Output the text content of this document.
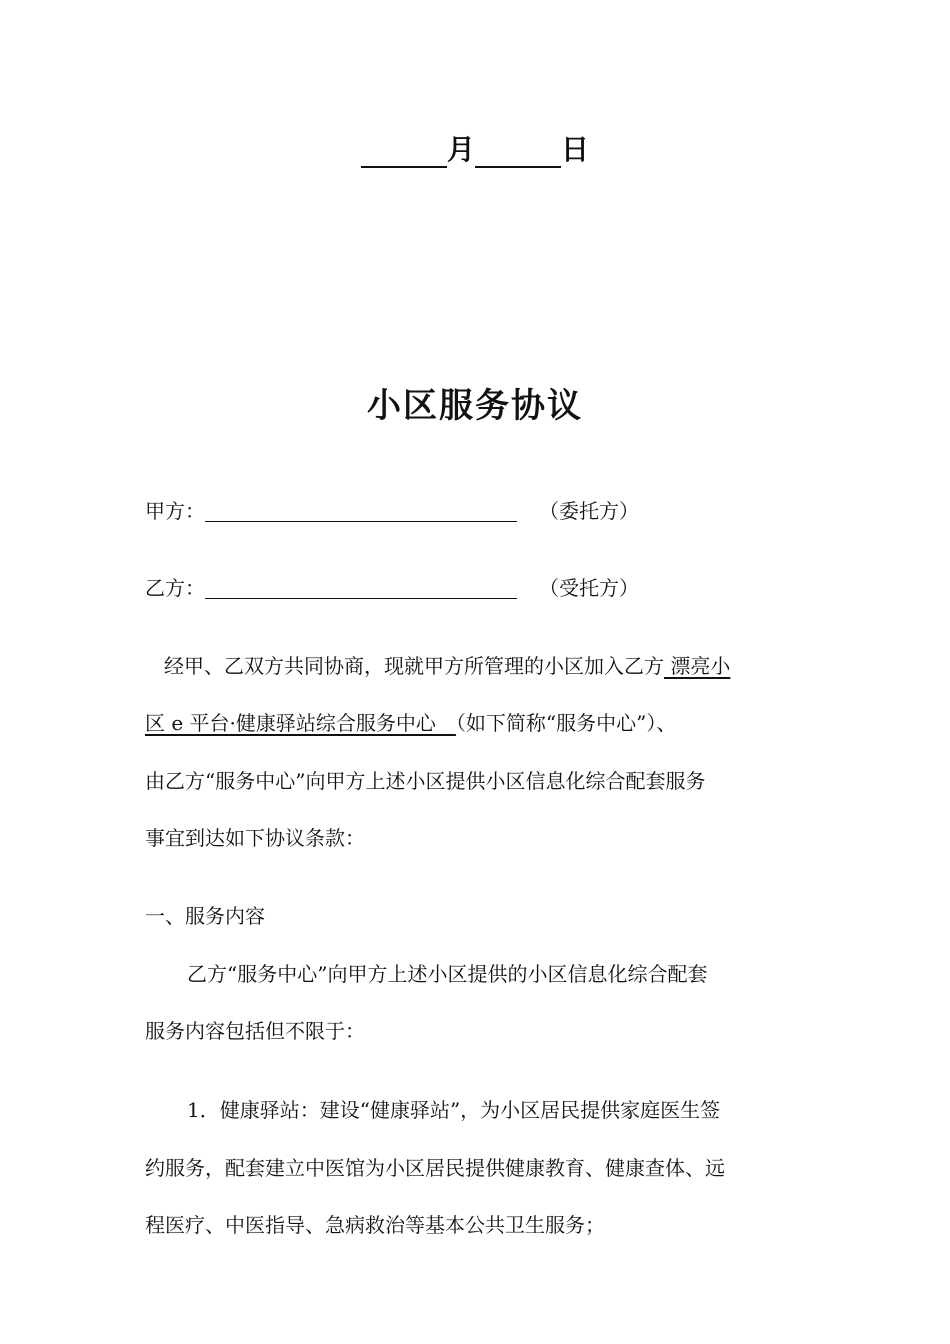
月	日
小区服务协议
甲方：	（委托方）
乙方：	（受托方）
经甲、乙双方共同协商，现就甲方所管理的小区加入乙方 漂亮小
区 e 平台·健康驿站综合服务中心　（如下简称“服务中心”）、
由乙方“服务中心”向甲方上述小区提供小区信息化综合配套服务
事宜到达如下协议条款：
一、服务内容
乙方“服务中心”向甲方上述小区提供的小区信息化综合配套
服务内容包括但不限于：
1．健康驿站：建设“健康驿站”，为小区居民提供家庭医生签
约服务，配套建立中医馆为小区居民提供健康教育、健康查体、远
程医疗、中医指导、急病救治等基本公共卫生服务；
